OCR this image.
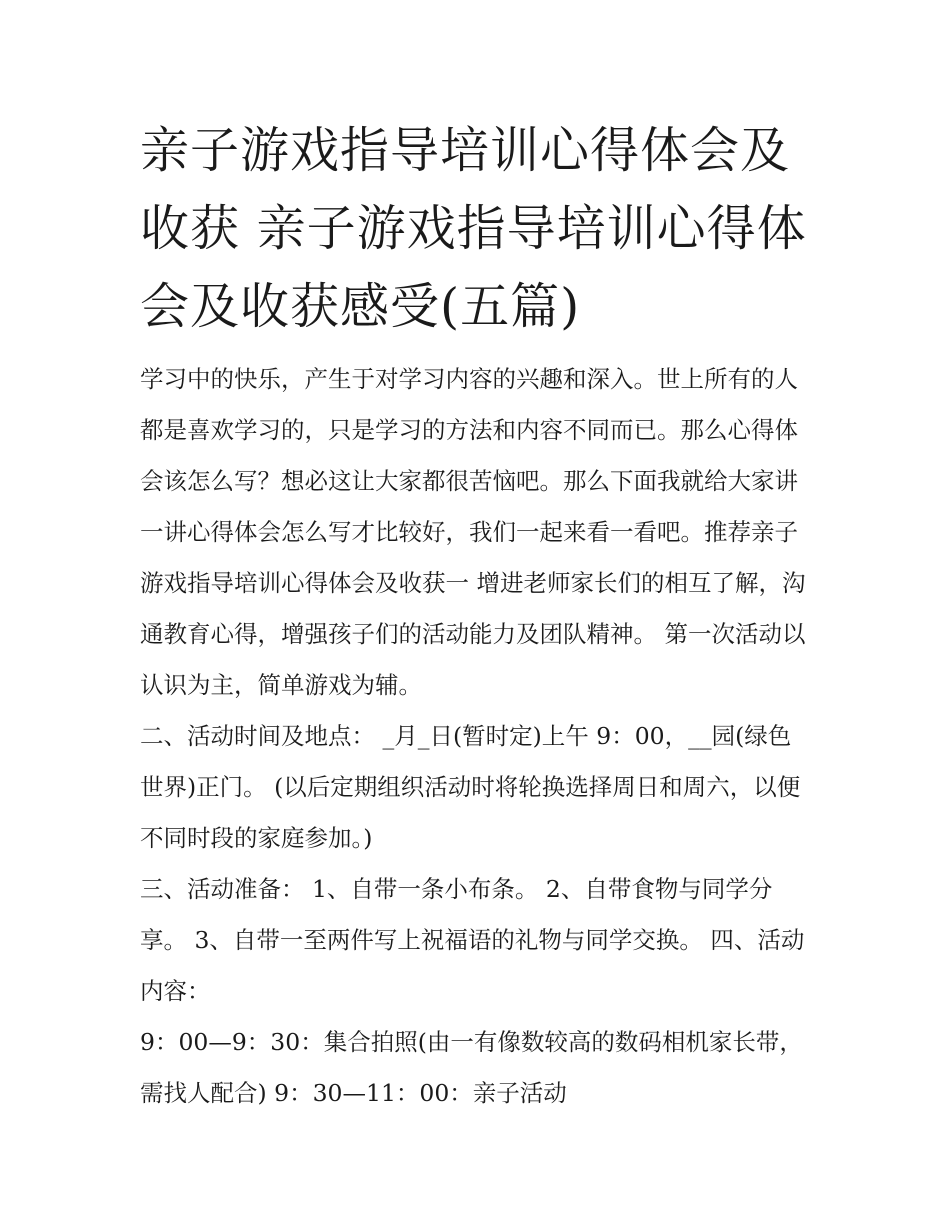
亲子游戏指导培训心得体会及收获 亲子游戏指导培训心得体会及收获感受(五篇)

学习中的快乐，产生于对学习内容的兴趣和深入。世上所有的人都是喜欢学习的，只是学习的方法和内容不同而已。那么心得体会该怎么写？想必这让大家都很苦恼吧。那么下面我就给大家讲一讲心得体会怎么写才比较好，我们一起来看一看吧。推荐亲子游戏指导培训心得体会及收获一 增进老师家长们的相互了解，沟通教育心得，增强孩子们的活动能力及团队精神。 第一次活动以认识为主，简单游戏为辅。

二、活动时间及地点： _月_日(暂时定)上午 9：00，__园(绿色世界)正门。 (以后定期组织活动时将轮换选择周日和周六，以便不同时段的家庭参加。)

三、活动准备： 1、自带一条小布条。 2、自带食物与同学分享。 3、自带一至两件写上祝福语的礼物与同学交换。 四、活动内容：

9：00—9：30：集合拍照(由一有像数较高的数码相机家长带，需找人配合) 9：30—11：00：亲子活动
